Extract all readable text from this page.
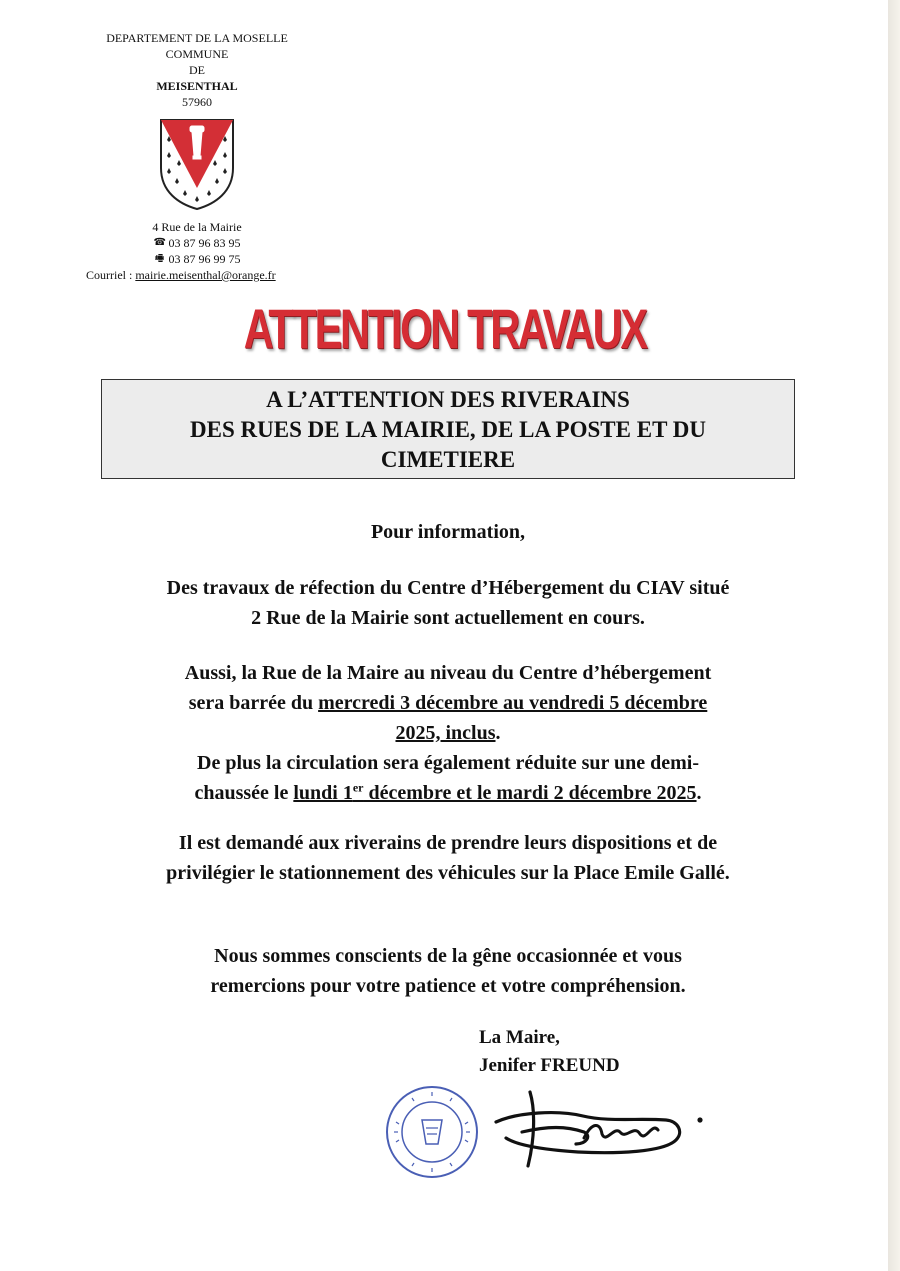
DEPARTEMENT DE LA MOSELLE
COMMUNE
DE
MEISENTHAL
57960
4 Rue de la Mairie
☎ 03 87 96 83 95
🖷 03 87 96 99 75
Courriel : mairie.meisenthal@orange.fr
ATTENTION TRAVAUX
A L’ATTENTION DES RIVERAINS
DES RUES DE LA MAIRIE, DE LA POSTE ET DU
CIMETIERE
Pour information,
Des travaux de réfection du Centre d’Hébergement du CIAV situé
2 Rue de la Mairie sont actuellement en cours.
Aussi, la Rue de la Maire au niveau du Centre d’hébergement
sera barrée du mercredi 3 décembre au vendredi 5 décembre
2025, inclus.
De plus la circulation sera également réduite sur une demi-
chaussée le lundi 1er décembre et le mardi 2 décembre 2025.
Il est demandé aux riverains de prendre leurs dispositions et de
privilégier le stationnement des véhicules sur la Place Emile Gallé.
Nous sommes conscients de la gêne occasionnée et vous
remercions pour votre patience et votre compréhension.
La Maire,
Jenifer FREUND
